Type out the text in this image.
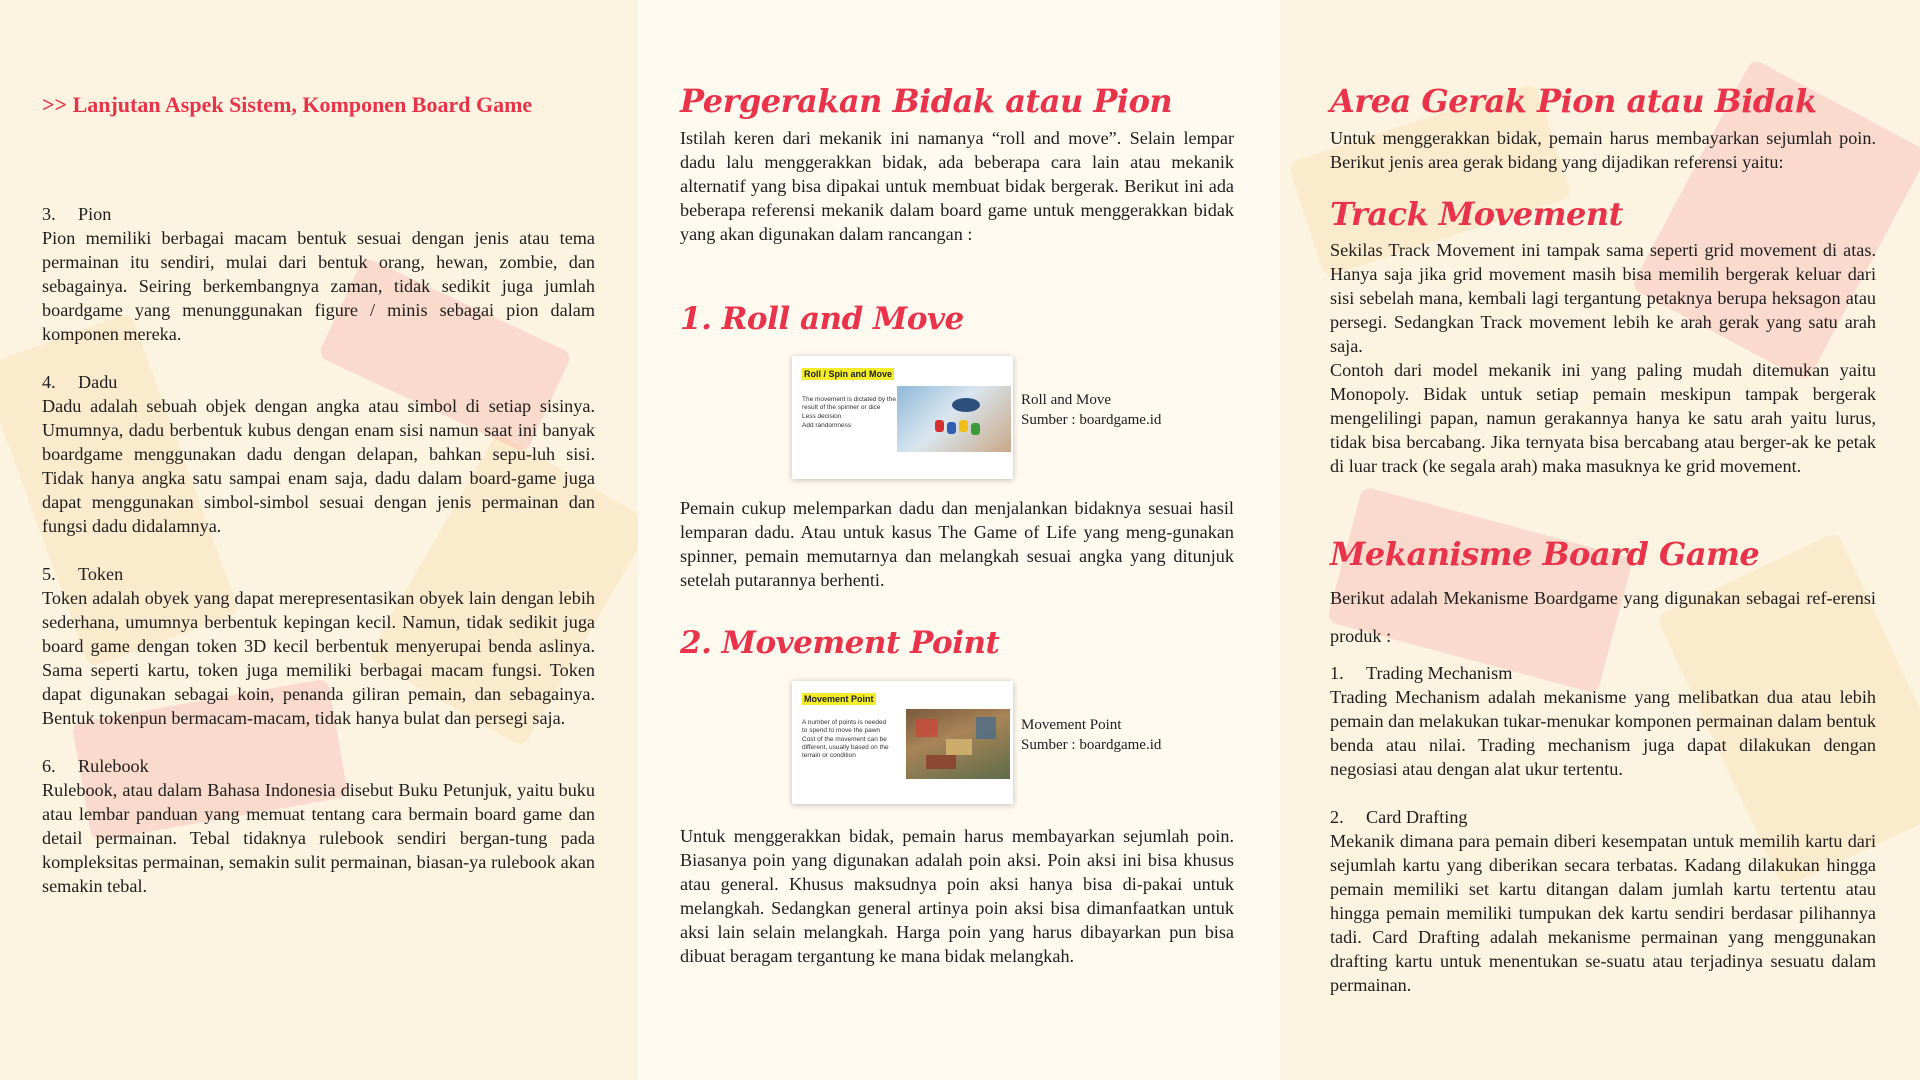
>> Lanjutan Aspek Sistem, Komponen Board Game

3. Pion

Pion memiliki berbagai macam bentuk sesuai dengan jenis atau tema permainan itu sendiri, mulai dari bentuk orang, hewan, zombie, dan sebagainya. Seiring berkembangnya zaman, tidak sedikit juga jumlah boardgame yang menunggunakan figure / minis sebagai pion dalam komponen mereka.

4. Dadu

Dadu adalah sebuah objek dengan angka atau simbol di setiap sisinya. Umumnya, dadu berbentuk kubus dengan enam sisi namun saat ini banyak boardgame menggunakan dadu dengan delapan, bahkan sepu-luh sisi. Tidak hanya angka satu sampai enam saja, dadu dalam board-game juga dapat menggunakan simbol-simbol sesuai dengan jenis permainan dan fungsi dadu didalamnya.

5. Token

Token adalah obyek yang dapat merepresentasikan obyek lain dengan lebih sederhana, umumnya berbentuk kepingan kecil. Namun, tidak sedikit juga board game dengan token 3D kecil berbentuk menyerupai benda aslinya. Sama seperti kartu, token juga memiliki berbagai macam fungsi. Token dapat digunakan sebagai koin, penanda giliran pemain, dan sebagainya. Bentuk tokenpun bermacam-macam, tidak hanya bulat dan persegi saja.

6. Rulebook

Rulebook, atau dalam Bahasa Indonesia disebut Buku Petunjuk, yaitu buku atau lembar panduan yang memuat tentang cara bermain board game dan detail permainan. Tebal tidaknya rulebook sendiri bergan-tung pada kompleksitas permainan, semakin sulit permainan, biasan-ya rulebook akan semakin tebal.

Pergerakan Bidak atau Pion

Istilah keren dari mekanik ini namanya “roll and move”. Selain lempar dadu lalu menggerakkan bidak, ada beberapa cara lain atau mekanik alternatif yang bisa dipakai untuk membuat bidak bergerak. Berikut ini ada beberapa referensi mekanik dalam board game untuk menggerakkan bidak yang akan digunakan dalam rancangan :

1. Roll and Move
Roll / Spin and Move
The movement is dictated by the result of the spinner or dice
Less decision
Add randomness
Roll and Move
Sumber : boardgame.id

Pemain cukup melemparkan dadu dan menjalankan bidaknya sesuai hasil lemparan dadu. Atau untuk kasus The Game of Life yang meng-gunakan spinner, pemain memutarnya dan melangkah sesuai angka yang ditunjuk setelah putarannya berhenti.

2. Movement Point
Movement Point
A number of points is needed to spend to move the pawn
Cost of the movement can be different, usually based on the terrain or condition
Movement Point
Sumber : boardgame.id

Untuk menggerakkan bidak, pemain harus membayarkan sejumlah poin. Biasanya poin yang digunakan adalah poin aksi. Poin aksi ini bisa khusus atau general. Khusus maksudnya poin aksi hanya bisa di-pakai untuk melangkah. Sedangkan general artinya poin aksi bisa dimanfaatkan untuk aksi lain selain melangkah. Harga poin yang harus dibayarkan pun bisa dibuat beragam tergantung ke mana bidak melangkah.

Area Gerak Pion atau Bidak

Untuk menggerakkan bidak, pemain harus membayarkan sejumlah poin. Berikut jenis area gerak bidang yang dijadikan referensi yaitu:

Track Movement

Sekilas Track Movement ini tampak sama seperti grid movement di atas. Hanya saja jika grid movement masih bisa memilih bergerak keluar dari sisi sebelah mana, kembali lagi tergantung petaknya berupa heksagon atau persegi. Sedangkan Track movement lebih ke arah gerak yang satu arah saja.

Contoh dari model mekanik ini yang paling mudah ditemukan yaitu Monopoly. Bidak untuk setiap pemain meskipun tampak bergerak mengelilingi papan, namun gerakannya hanya ke satu arah yaitu lurus, tidak bisa bercabang. Jika ternyata bisa bercabang atau berger-ak ke petak di luar track (ke segala arah) maka masuknya ke grid movement.

Mekanisme Board Game

Berikut adalah Mekanisme Boardgame yang digunakan sebagai ref-erensi produk :

1. Trading Mechanism

Trading Mechanism adalah mekanisme yang melibatkan dua atau lebih pemain dan melakukan tukar-menukar komponen permainan dalam bentuk benda atau nilai. Trading mechanism juga dapat dilakukan dengan negosiasi atau dengan alat ukur tertentu.

2. Card Drafting

Mekanik dimana para pemain diberi kesempatan untuk memilih kartu dari sejumlah kartu yang diberikan secara terbatas. Kadang dilakukan hingga pemain memiliki set kartu ditangan dalam jumlah kartu tertentu atau hingga pemain memiliki tumpukan dek kartu sendiri berdasar pilihannya tadi. Card Drafting adalah mekanisme permainan yang menggunakan drafting kartu untuk menentukan se-suatu atau terjadinya sesuatu dalam permainan.
